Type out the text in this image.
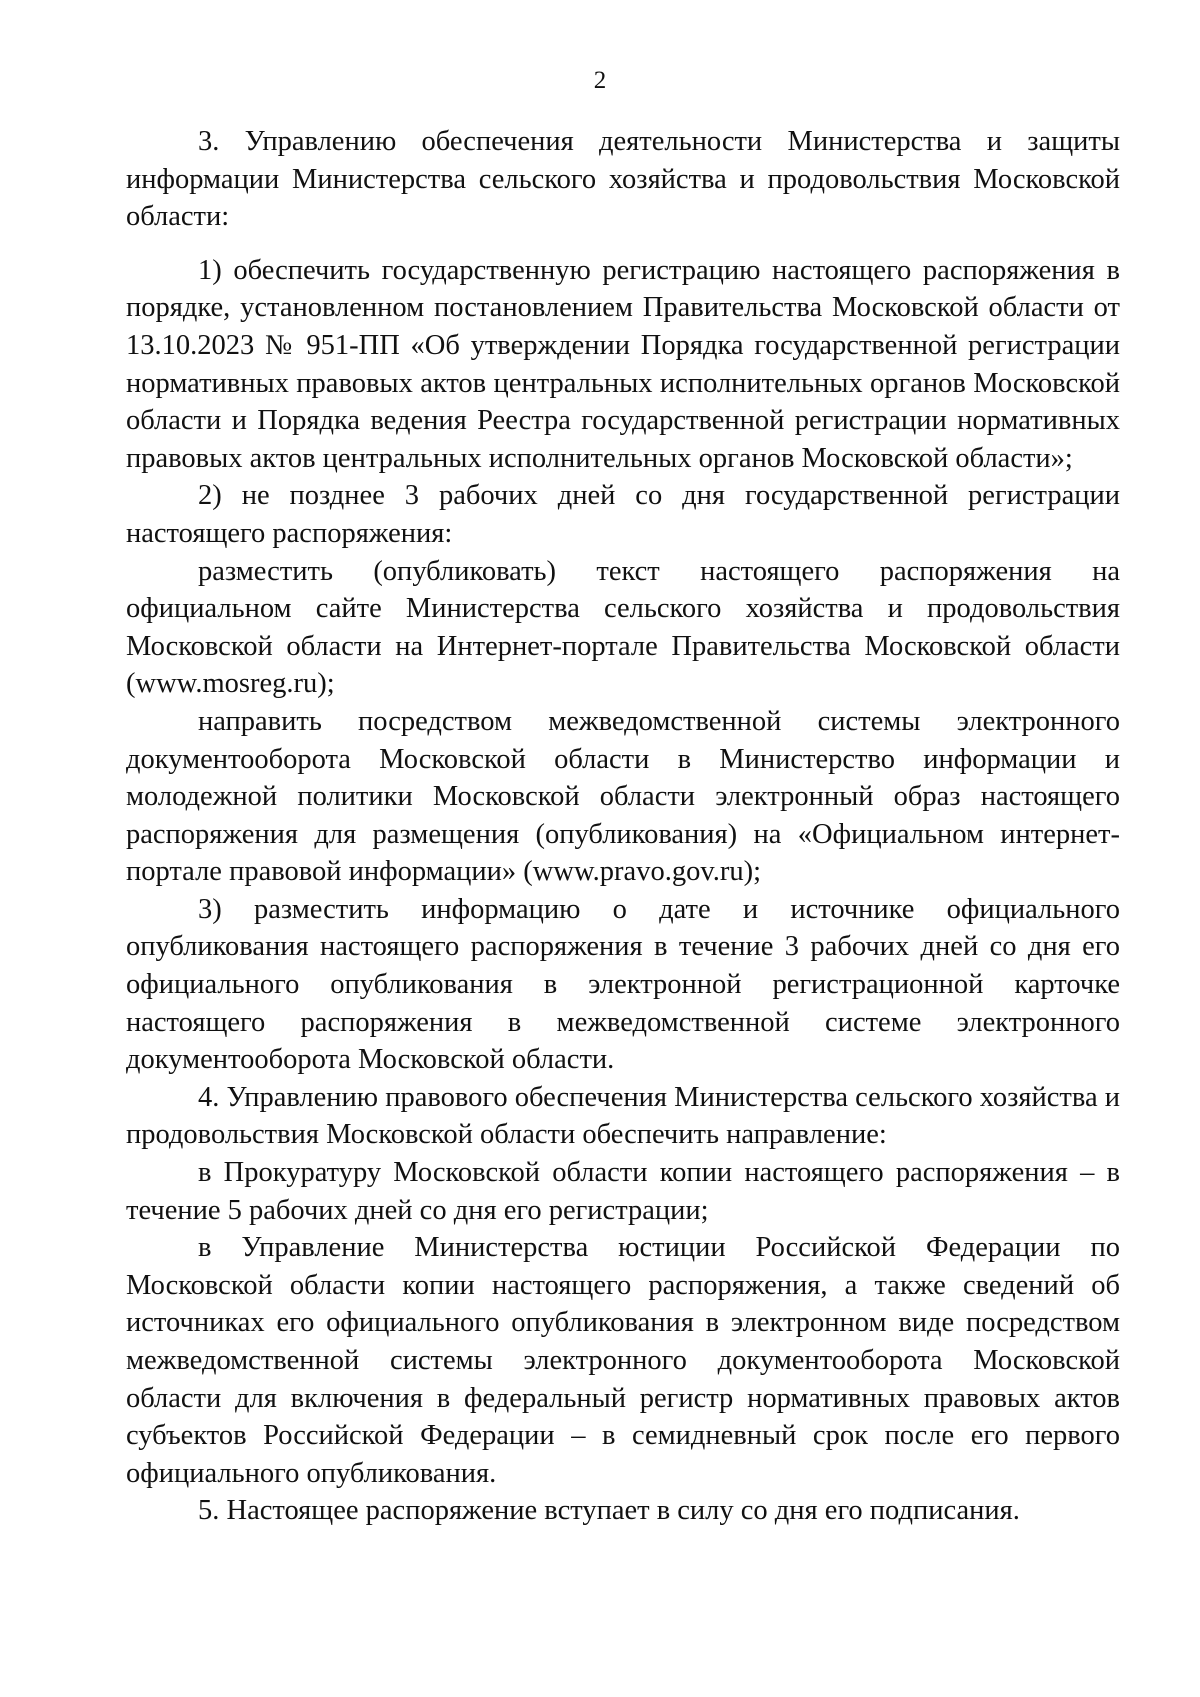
2

3. Управлению обеспечения деятельности Министерства и защиты информации Министерства сельского хозяйства и продовольствия Московской области:

1) обеспечить государственную регистрацию настоящего распоряжения в порядке, установленном постановлением Правительства Московской области от 13.10.2023 № 951-ПП «Об утверждении Порядка государственной регистрации нормативных правовых актов центральных исполнительных органов Московской области и Порядка ведения Реестра государственной регистрации нормативных правовых актов центральных исполнительных органов Московской области»;

2) не позднее 3 рабочих дней со дня государственной регистрации настоящего распоряжения:

разместить (опубликовать) текст настоящего распоряжения на официальном сайте Министерства сельского хозяйства и продовольствия Московской области на Интернет-портале Правительства Московской области (www.mosreg.ru);

направить посредством межведомственной системы электронного документооборота Московской области в Министерство информации и молодежной политики Московской области электронный образ настоящего распоряжения для размещения (опубликования) на «Официальном интернет-портале правовой информации» (www.pravo.gov.ru);

3) разместить информацию о дате и источнике официального опубликования настоящего распоряжения в течение 3 рабочих дней со дня его официального опубликования в электронной регистрационной карточке настоящего распоряжения в межведомственной системе электронного документооборота Московской области.

4. Управлению правового обеспечения Министерства сельского хозяйства и продовольствия Московской области обеспечить направление:

в Прокуратуру Московской области копии настоящего распоряжения – в течение 5 рабочих дней со дня его регистрации;

в Управление Министерства юстиции Российской Федерации по Московской области копии настоящего распоряжения, а также сведений об источниках его официального опубликования в электронном виде посредством межведомственной системы электронного документооборота Московской области для включения в федеральный регистр нормативных правовых актов субъектов Российской Федерации – в семидневный срок после его первого официального опубликования.

5. Настоящее распоряжение вступает в силу со дня его подписания.
